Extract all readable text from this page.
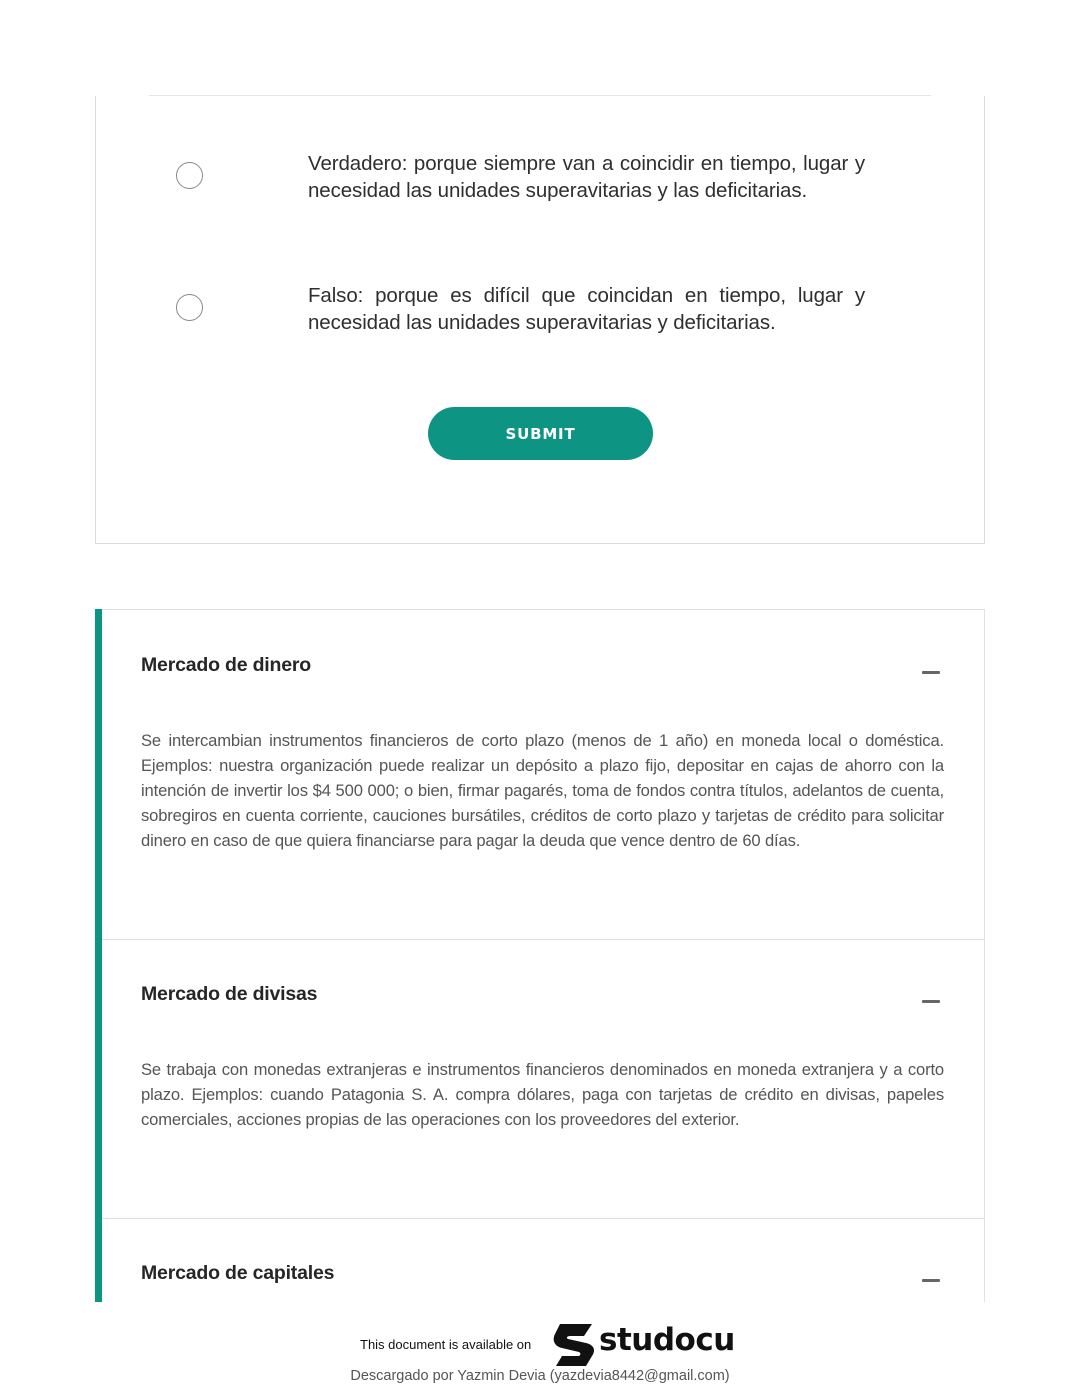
Verdadero: porque siempre van a coincidir en tiempo, lugar y necesidad las unidades superavitarias y las deficitarias.
Falso: porque es difícil que coincidan en tiempo, lugar y necesidad las unidades superavitarias y deficitarias.
SUBMIT
Mercado de dinero
Se intercambian instrumentos financieros de corto plazo (menos de 1 año) en moneda local o doméstica. Ejemplos: nuestra organización puede realizar un depósito a plazo fijo, depositar en cajas de ahorro con la intención de invertir los $4 500 000; o bien, firmar pagarés, toma de fondos contra títulos, adelantos de cuenta, sobregiros en cuenta corriente, cauciones bursátiles, créditos de corto plazo y tarjetas de crédito para solicitar dinero en caso de que quiera financiarse para pagar la deuda que vence dentro de 60 días.
Mercado de divisas
Se trabaja con monedas extranjeras e instrumentos financieros denominados en moneda extranjera y a corto plazo. Ejemplos: cuando Patagonia S. A. compra dólares, paga con tarjetas de crédito en divisas, papeles comerciales, acciones propias de las operaciones con los proveedores del exterior.
Mercado de capitales
This document is available on studocu
Descargado por Yazmin Devia (yazdevia8442@gmail.com)
